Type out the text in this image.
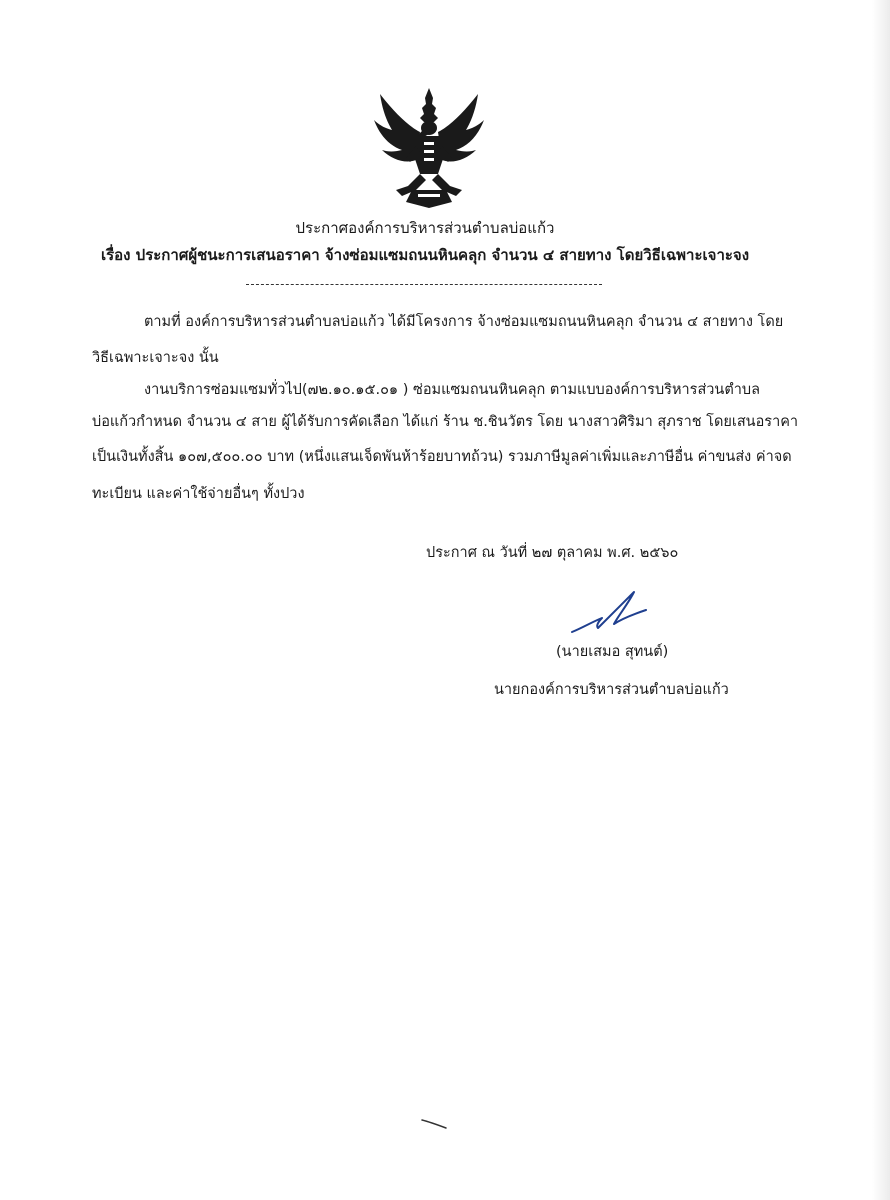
ประกาศองค์การบริหารส่วนตำบลบ่อแก้ว
เรื่อง ประกาศผู้ชนะการเสนอราคา จ้างซ่อมแซมถนนหินคลุก จำนวน ๔ สายทาง โดยวิธีเฉพาะเจาะจง
ตามที่ องค์การบริหารส่วนตำบลบ่อแก้ว ได้มีโครงการ จ้างซ่อมแซมถนนหินคลุก จำนวน ๔ สายทาง โดย
วิธีเฉพาะเจาะจง นั้น
งานบริการซ่อมแซมทั่วไป(๗๒.๑๐.๑๕.๐๑ ) ซ่อมแซมถนนหินคลุก ตามแบบองค์การบริหารส่วนตำบล
บ่อแก้วกำหนด จำนวน ๔ สาย ผู้ได้รับการคัดเลือก ได้แก่ ร้าน ช.ชินวัตร โดย นางสาวศิริมา สุภราช โดยเสนอราคา
เป็นเงินทั้งสิ้น ๑๐๗,๕๐๐.๐๐ บาท (หนึ่งแสนเจ็ดพันห้าร้อยบาทถ้วน) รวมภาษีมูลค่าเพิ่มและภาษีอื่น ค่าขนส่ง ค่าจด
ทะเบียน และค่าใช้จ่ายอื่นๆ ทั้งปวง
ประกาศ ณ วันที่ ๒๗ ตุลาคม พ.ศ. ๒๕๖๐
(นายเสมอ สุทนต์)
นายกองค์การบริหารส่วนตำบลบ่อแก้ว
